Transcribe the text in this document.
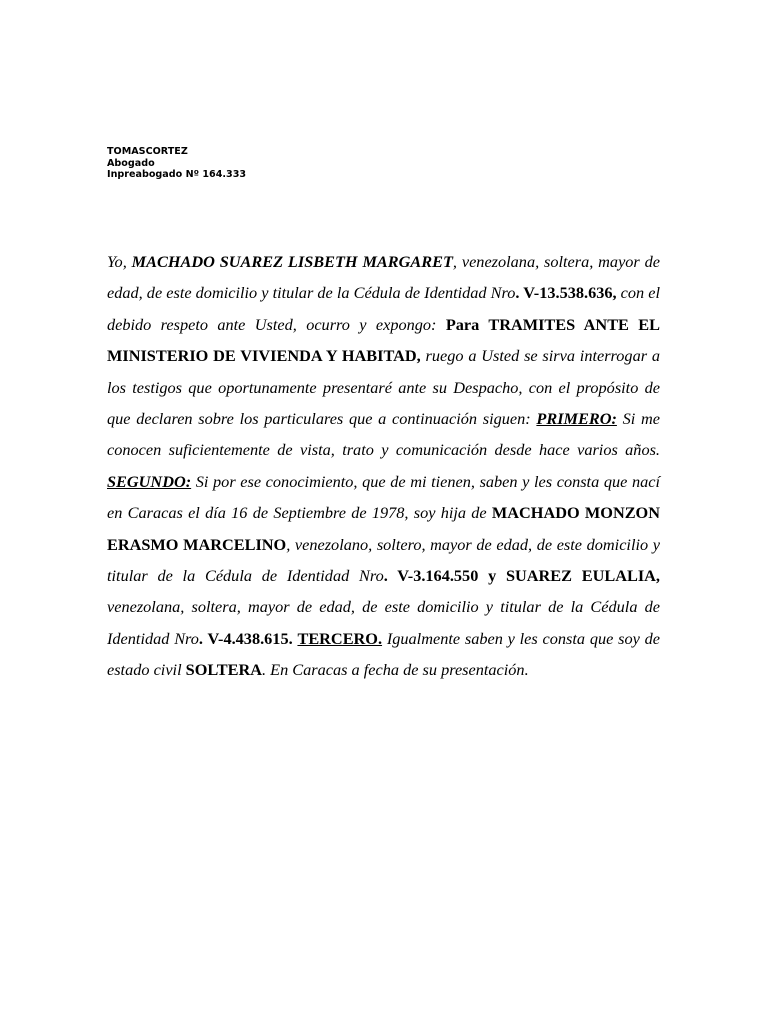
TOMASCORTEZ
Abogado
Inpreabogado Nº 164.333
Yo, MACHADO SUAREZ LISBETH MARGARET, venezolana, soltera, mayor de edad, de este domicilio y titular de la Cédula de Identidad Nro. V-13.538.636, con el debido respeto ante Usted, ocurro y expongo: Para TRAMITES ANTE EL MINISTERIO DE VIVIENDA Y HABITAD, ruego a Usted se sirva interrogar a los testigos que oportunamente presentaré ante su Despacho, con el propósito de que declaren sobre los particulares que a continuación siguen: PRIMERO: Si me conocen suficientemente de vista, trato y comunicación desde hace varios años. SEGUNDO: Si por ese conocimiento, que de mi tienen, saben y les consta que nací en Caracas el día 16 de Septiembre de 1978, soy hija de MACHADO MONZON ERASMO MARCELINO, venezolano, soltero, mayor de edad, de este domicilio y titular de la Cédula de Identidad Nro. V-3.164.550 y SUAREZ EULALIA, venezolana, soltera, mayor de edad, de este domicilio y titular de la Cédula de Identidad Nro. V-4.438.615. TERCERO. Igualmente saben y les consta que soy de estado civil SOLTERA. En Caracas a fecha de su presentación.
